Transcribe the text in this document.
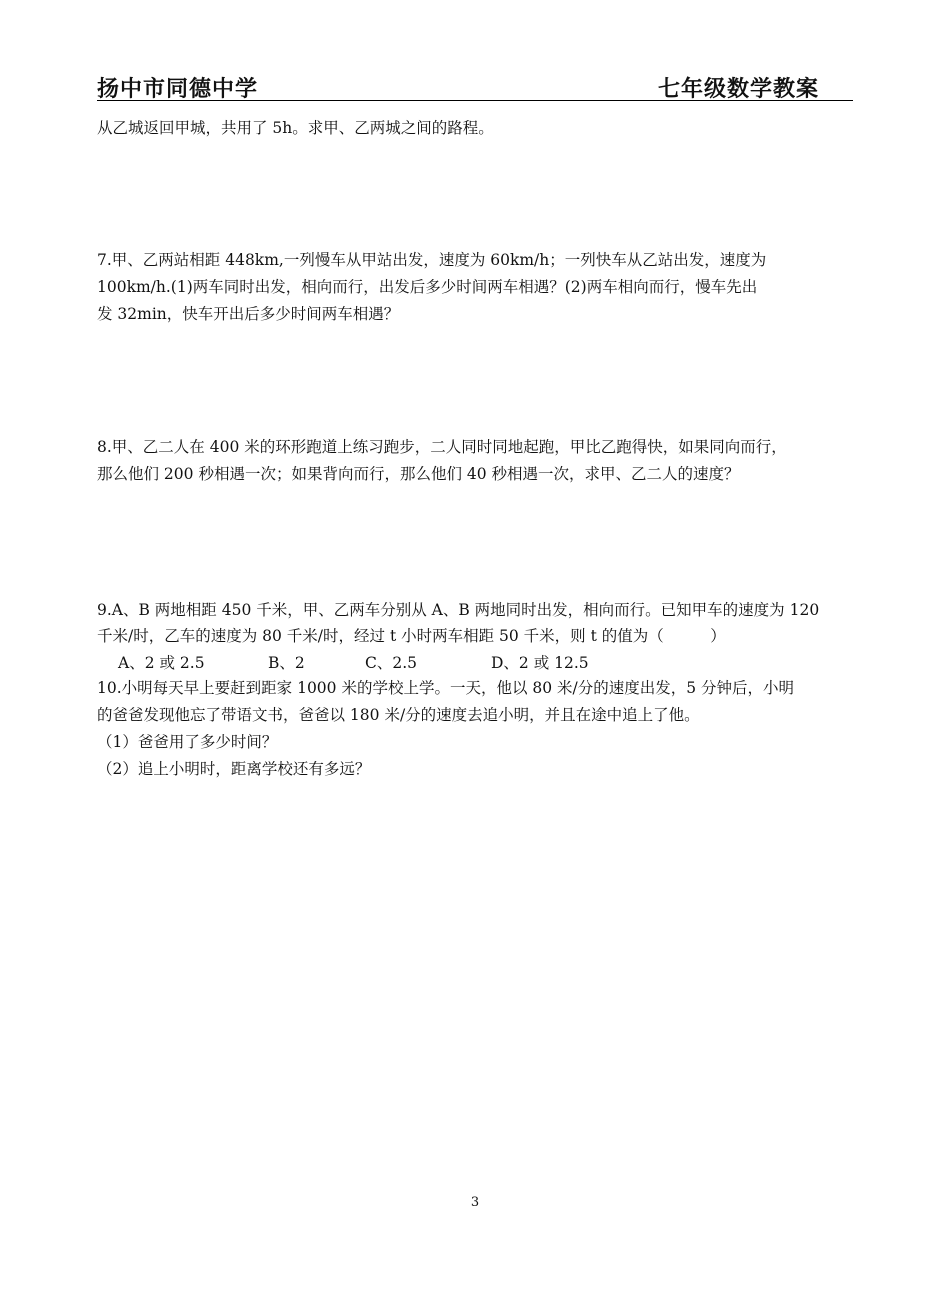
扬中市同德中学	七年级数学教案
从乙城返回甲城，共用了 5h。求甲、乙两城之间的路程。
7.甲、乙两站相距 448km,一列慢车从甲站出发，速度为 60km/h；一列快车从乙站出发，速度为
100km/h.(1)两车同时出发，相向而行，出发后多少时间两车相遇？(2)两车相向而行，慢车先出
发 32min，快车开出后多少时间两车相遇？
8.甲、乙二人在 400 米的环形跑道上练习跑步，二人同时同地起跑，甲比乙跑得快，如果同向而行，
那么他们 200 秒相遇一次；如果背向而行，那么他们 40 秒相遇一次，求甲、乙二人的速度？
9.A、B 两地相距 450 千米，甲、乙两车分别从 A、B 两地同时出发，相向而行。已知甲车的速度为 120
千米/时，乙车的速度为 80 千米/时，经过 t 小时两车相距 50 千米，则 t 的值为（　　　）
A、2 或 2.5	B、2	C、2.5	D、2 或 12.5
10.小明每天早上要赶到距家 1000 米的学校上学。一天，他以 80 米/分的速度出发，5 分钟后，小明
的爸爸发现他忘了带语文书，爸爸以 180 米/分的速度去追小明，并且在途中追上了他。
（1）爸爸用了多少时间？
（2）追上小明时，距离学校还有多远？
3
